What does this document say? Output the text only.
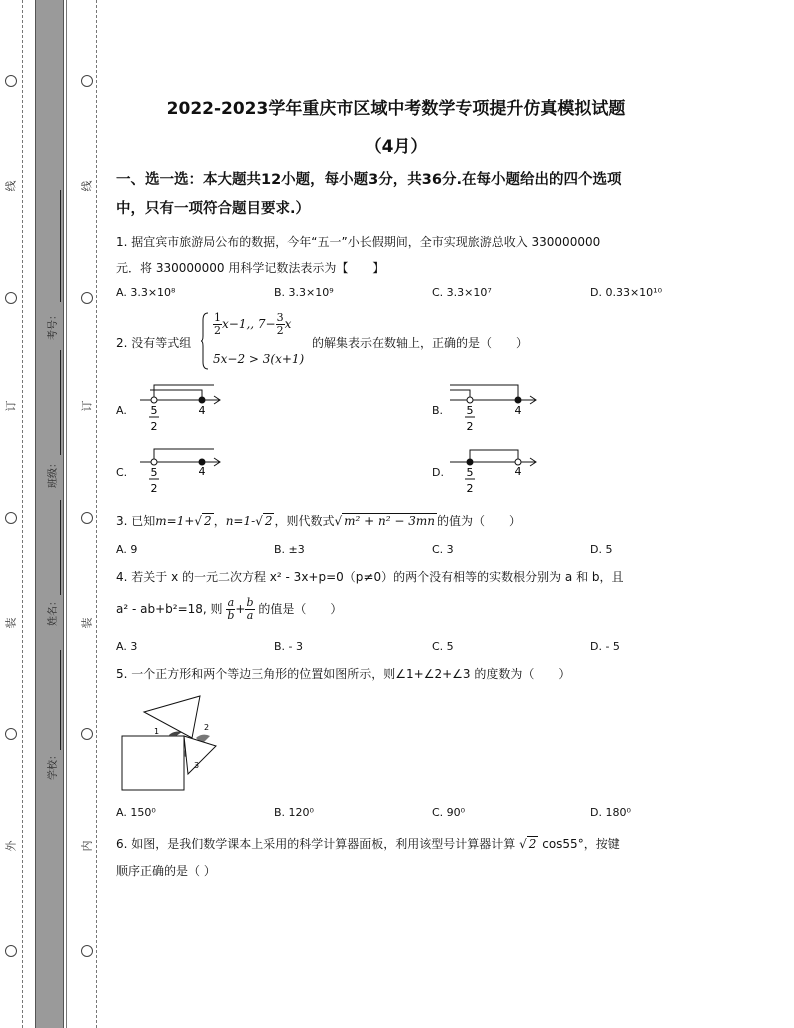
线
订
装
外
线
订
装
内
考号：
班级：
姓名：
学校：
2022-2023学年重庆市区域中考数学专项提升仿真模拟试题
（4月）
一、选一选：本大题共12小题，每小题3分，共36分.在每小题给出的四个选项
中，只有一项符合题目要求.）
1. 据宜宾市旅游局公布的数据，今年“五一”小长假期间，全市实现旅游总收入 330000000
元．将 330000000 用科学记数法表示为【　　】
A. 3.3×10⁸	B. 3.3×10⁹	C. 3.3×10⁷	D. 0.33×10¹⁰
2. 没有等式组
$\frac{1}{2} x-1$,, $7- \frac{3}{2}$ x
5x−2 > 3(x+1)
的解集表示在数轴上，正确的是（　　）
A. 5
2
4	B. 5
2
4
C. 5
2
4	D. 5
2
4
3. 已知m=1+√ 2 ，n=1-√ 2 ，则代数式√ m² + n² − 3mn 的值为（　　）
A. 9	B. ±3	C. 3	D. 5
4. 若关于 x 的一元二次方程 x² - 3x+p=0（p≠0）的两个没有相等的实数根分别为 a 和 b，且
a² - ab+b²=18, 则 $\frac{a}{b} + \frac{b}{a}$ 的值是（　　）
A. 3	B. - 3	C. 5	D. - 5
5. 一个正方形和两个等边三角形的位置如图所示，则∠1+∠2+∠3 的度数为（　　）
1	2
3
A. 150⁰	B. 120⁰	C. 90⁰	D. 180⁰
6. 如图，是我们数学课本上采用的科学计算器面板，利用该型号计算器计算 √ 2 cos55°，按键
顺序正确的是（ ）
